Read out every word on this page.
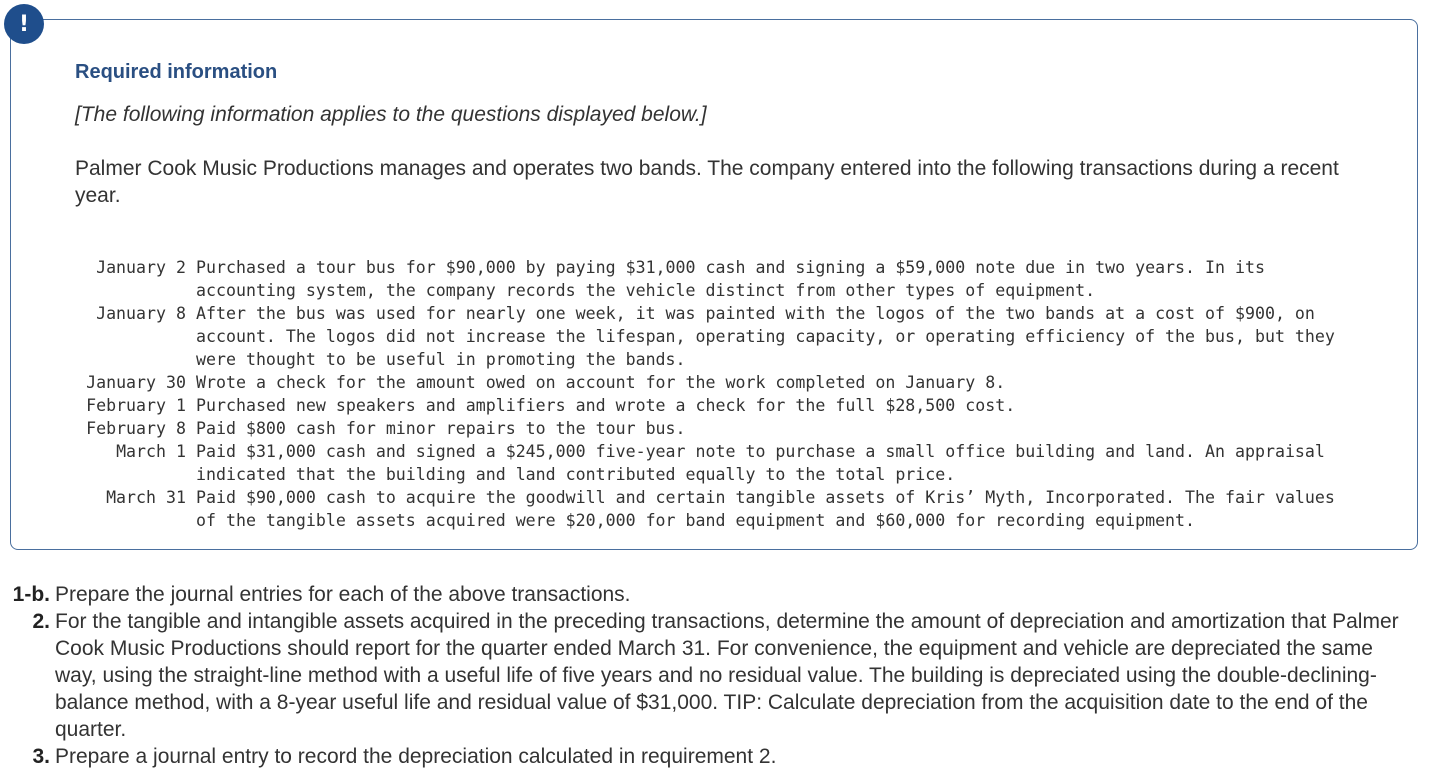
!
Required information

[The following information applies to the questions displayed below.]

Palmer Cook Music Productions manages and operates two bands. The company entered into the following transactions during a recent year.

January 2	Purchased a tour bus for $90,000 by paying $31,000 cash and signing a $59,000 note due in two years. In its accounting system, the company records the vehicle distinct from other types of equipment.
January 8	After the bus was used for nearly one week, it was painted with the logos of the two bands at a cost of $900, on account. The logos did not increase the lifespan, operating capacity, or operating efficiency of the bus, but they were thought to be useful in promoting the bands.
January 30	Wrote a check for the amount owed on account for the work completed on January 8.
February 1	Purchased new speakers and amplifiers and wrote a check for the full $28,500 cost.
February 8	Paid $800 cash for minor repairs to the tour bus.
March 1	Paid $31,000 cash and signed a $245,000 five-year note to purchase a small office building and land. An appraisal indicated that the building and land contributed equally to the total price.
March 31	Paid $90,000 cash to acquire the goodwill and certain tangible assets of Kris’ Myth, Incorporated. The fair values of the tangible assets acquired were $20,000 for band equipment and $60,000 for recording equipment.
1-b. Prepare the journal entries for each of the above transactions.
2. For the tangible and intangible assets acquired in the preceding transactions, determine the amount of depreciation and amortization that Palmer Cook Music Productions should report for the quarter ended March 31. For convenience, the equipment and vehicle are depreciated the same way, using the straight-line method with a useful life of five years and no residual value. The building is depreciated using the double-declining-balance method, with a 8-year useful life and residual value of $31,000. TIP: Calculate depreciation from the acquisition date to the end of the quarter.
3. Prepare a journal entry to record the depreciation calculated in requirement 2.
